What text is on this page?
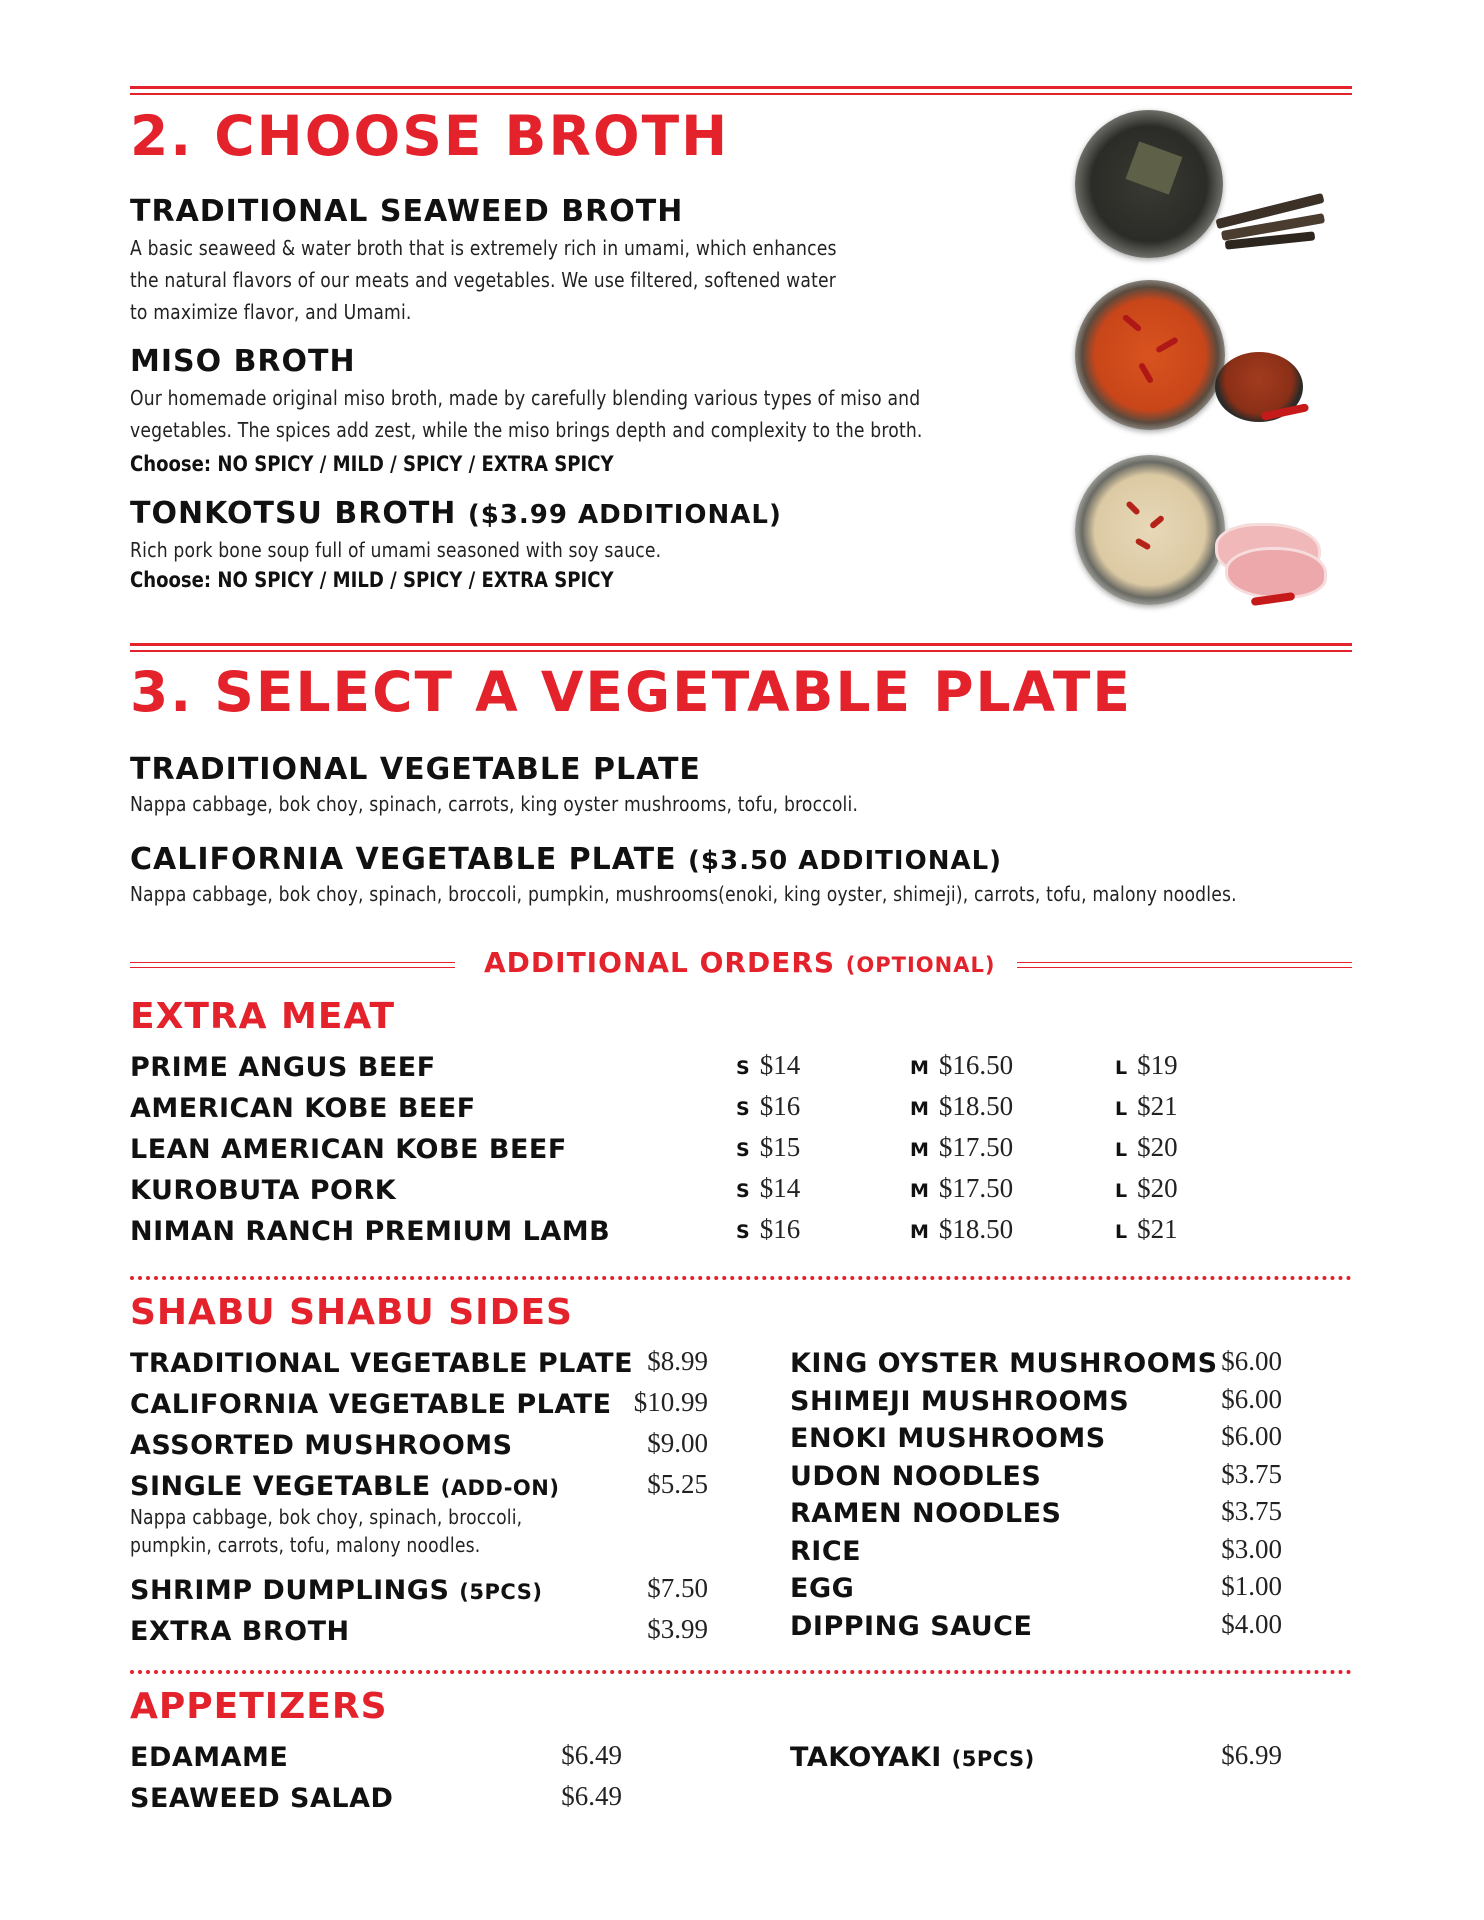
2. CHOOSE BROTH
TRADITIONAL SEAWEED BROTH
A basic seaweed & water broth that is extremely rich in umami, which enhances
the natural flavors of our meats and vegetables. We use filtered, softened water
to maximize flavor, and Umami.
MISO BROTH
Our homemade original miso broth, made by carefully blending various types of miso and
vegetables. The spices add zest, while the miso brings depth and complexity to the broth.
Choose: NO SPICY / MILD / SPICY / EXTRA SPICY
TONKOTSU BROTH ($3.99 ADDITIONAL)
Rich pork bone soup full of umami seasoned with soy sauce.
Choose: NO SPICY / MILD / SPICY / EXTRA SPICY
3. SELECT A VEGETABLE PLATE
TRADITIONAL VEGETABLE PLATE
Nappa cabbage, bok choy, spinach, carrots, king oyster mushrooms, tofu, broccoli.
CALIFORNIA VEGETABLE PLATE ($3.50 ADDITIONAL)
Nappa cabbage, bok choy, spinach, broccoli, pumpkin, mushrooms(enoki, king oyster, shimeji), carrots, tofu, malony noodles.
ADDITIONAL ORDERS (OPTIONAL)
EXTRA MEAT
PRIME ANGUS BEEF	S $14	M $16.50	L $19
AMERICAN KOBE BEEF	S $16	M $18.50	L $21
LEAN AMERICAN KOBE BEEF	S $15	M $17.50	L $20
KUROBUTA PORK	S $14	M $17.50	L $20
NIMAN RANCH PREMIUM LAMB	S $16	M $18.50	L $21
SHABU SHABU SIDES
TRADITIONAL VEGETABLE PLATE $8.99
CALIFORNIA VEGETABLE PLATE $10.99
ASSORTED MUSHROOMS	$9.00
SINGLE VEGETABLE (ADD-ON)	$5.25
Nappa cabbage, bok choy, spinach, broccoli,
pumpkin, carrots, tofu, malony noodles.
SHRIMP DUMPLINGS (5PCS)	$7.50
EXTRA BROTH	$3.99
KING OYSTER MUSHROOMS $6.00
SHIMEJI MUSHROOMS	$6.00
ENOKI MUSHROOMS	$6.00
UDON NOODLES	$3.75
RAMEN NOODLES	$3.75
RICE	$3.00
EGG	$1.00
DIPPING SAUCE	$4.00
APPETIZERS
EDAMAME	$6.49
SEAWEED SALAD	$6.49
TAKOYAKI (5PCS)	$6.99
